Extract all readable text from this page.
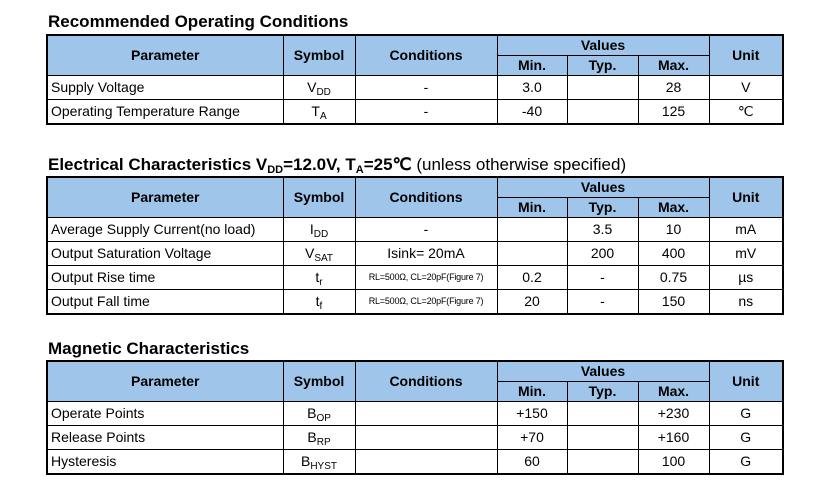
Recommended Operating Conditions
Parameter	Symbol	Conditions	Values			Unit
			Min.	Typ.	Max.	
Supply Voltage	$V_{DD}$	-	3.0		28	V
Operating Temperature Range	$T_A$	-	-40		125	℃
Electrical Characteristics $V_{DD}=12.0V$, $T_A=25℃$ (unless otherwise specified)
Parameter	Symbol	Conditions	Values			Unit
			Min.	Typ.	Max.	
Average Supply Current(no load)	$I_{DD}$	-		3.5	10	mA
Output Saturation Voltage	$V_{SAT}$	Isink= 20mA		200	400	mV
Output Rise time	$t_r$	RL=500Ω, CL=20pF(Figure 7)	0.2	-	0.75	µs
Output Fall time	$t_f$	RL=500Ω, CL=20pF(Figure 7)	20	-	150	ns
Magnetic Characteristics
Parameter	Symbol	Conditions	Values			Unit
			Min.	Typ.	Max.	
Operate Points	$B_{OP}$		+150		+230	G
Release Points	$B_{RP}$		+70		+160	G
Hysteresis	$B_{HYST}$		60		100	G
